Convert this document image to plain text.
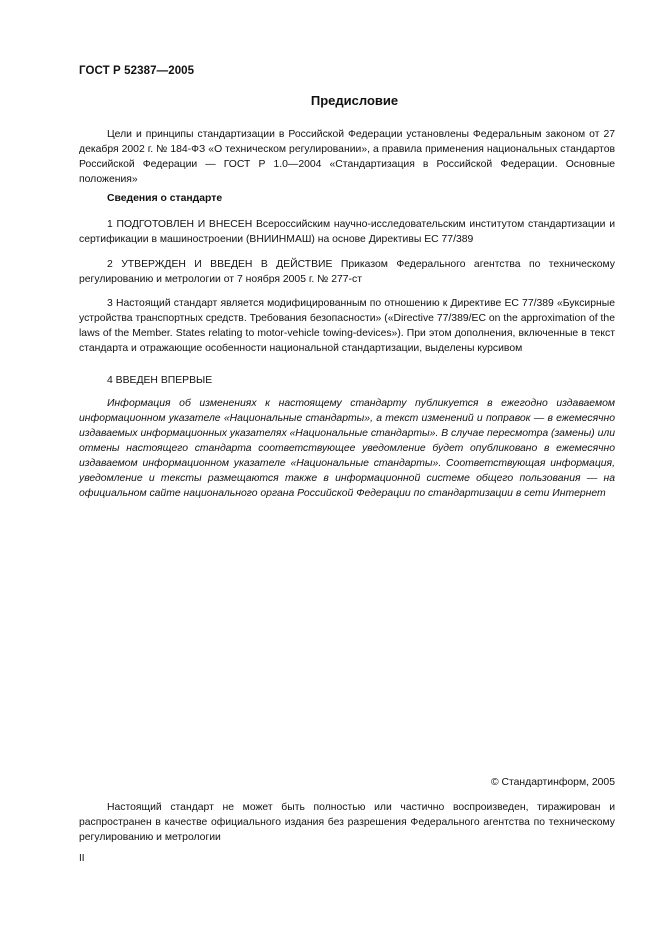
ГОСТ Р 52387—2005
Предисловие

Цели и принципы стандартизации в Российской Федерации установлены Федеральным законом от 27 декабря 2002 г. № 184-ФЗ «О техническом регулировании», а правила применения национальных стандартов Российской Федерации — ГОСТ Р 1.0—2004 «Стандартизация в Российской Федерации. Основные положения»

Сведения о стандарте

1 ПОДГОТОВЛЕН И ВНЕСЕН Всероссийским научно-исследовательским институтом стандартизации и сертификации в машиностроении (ВНИИНМАШ) на основе Директивы ЕС 77/389

2 УТВЕРЖДЕН И ВВЕДЕН В ДЕЙСТВИЕ Приказом Федерального агентства по техническому регулированию и метрологии от 7 ноября 2005 г. № 277-ст

3 Настоящий стандарт является модифицированным по отношению к Директиве ЕС 77/389 «Буксирные устройства транспортных средств. Требования безопасности» («Directive 77/389/EC on the approximation of the laws of the Member. States relating to motor-vehicle towing-devices»). При этом дополнения, включенные в текст стандарта и отражающие особенности национальной стандартизации, выделены курсивом

4 ВВЕДЕН ВПЕРВЫЕ

Информация об изменениях к настоящему стандарту публикуется в ежегодно издаваемом информационном указателе «Национальные стандарты», а текст изменений и поправок — в ежемесячно издаваемых информационных указателях «Национальные стандарты». В случае пересмотра (замены) или отмены настоящего стандарта соответствующее уведомление будет опубликовано в ежемесячно издаваемом информационном указателе «Национальные стандарты». Соответствующая информация, уведомление и тексты размещаются также в информационной системе общего пользования — на официальном сайте национального органа Российской Федерации по стандартизации в сети Интернет

© Стандартинформ, 2005

Настоящий стандарт не может быть полностью или частично воспроизведен, тиражирован и распространен в качестве официального издания без разрешения Федерального агентства по техническому регулированию и метрологии

II
